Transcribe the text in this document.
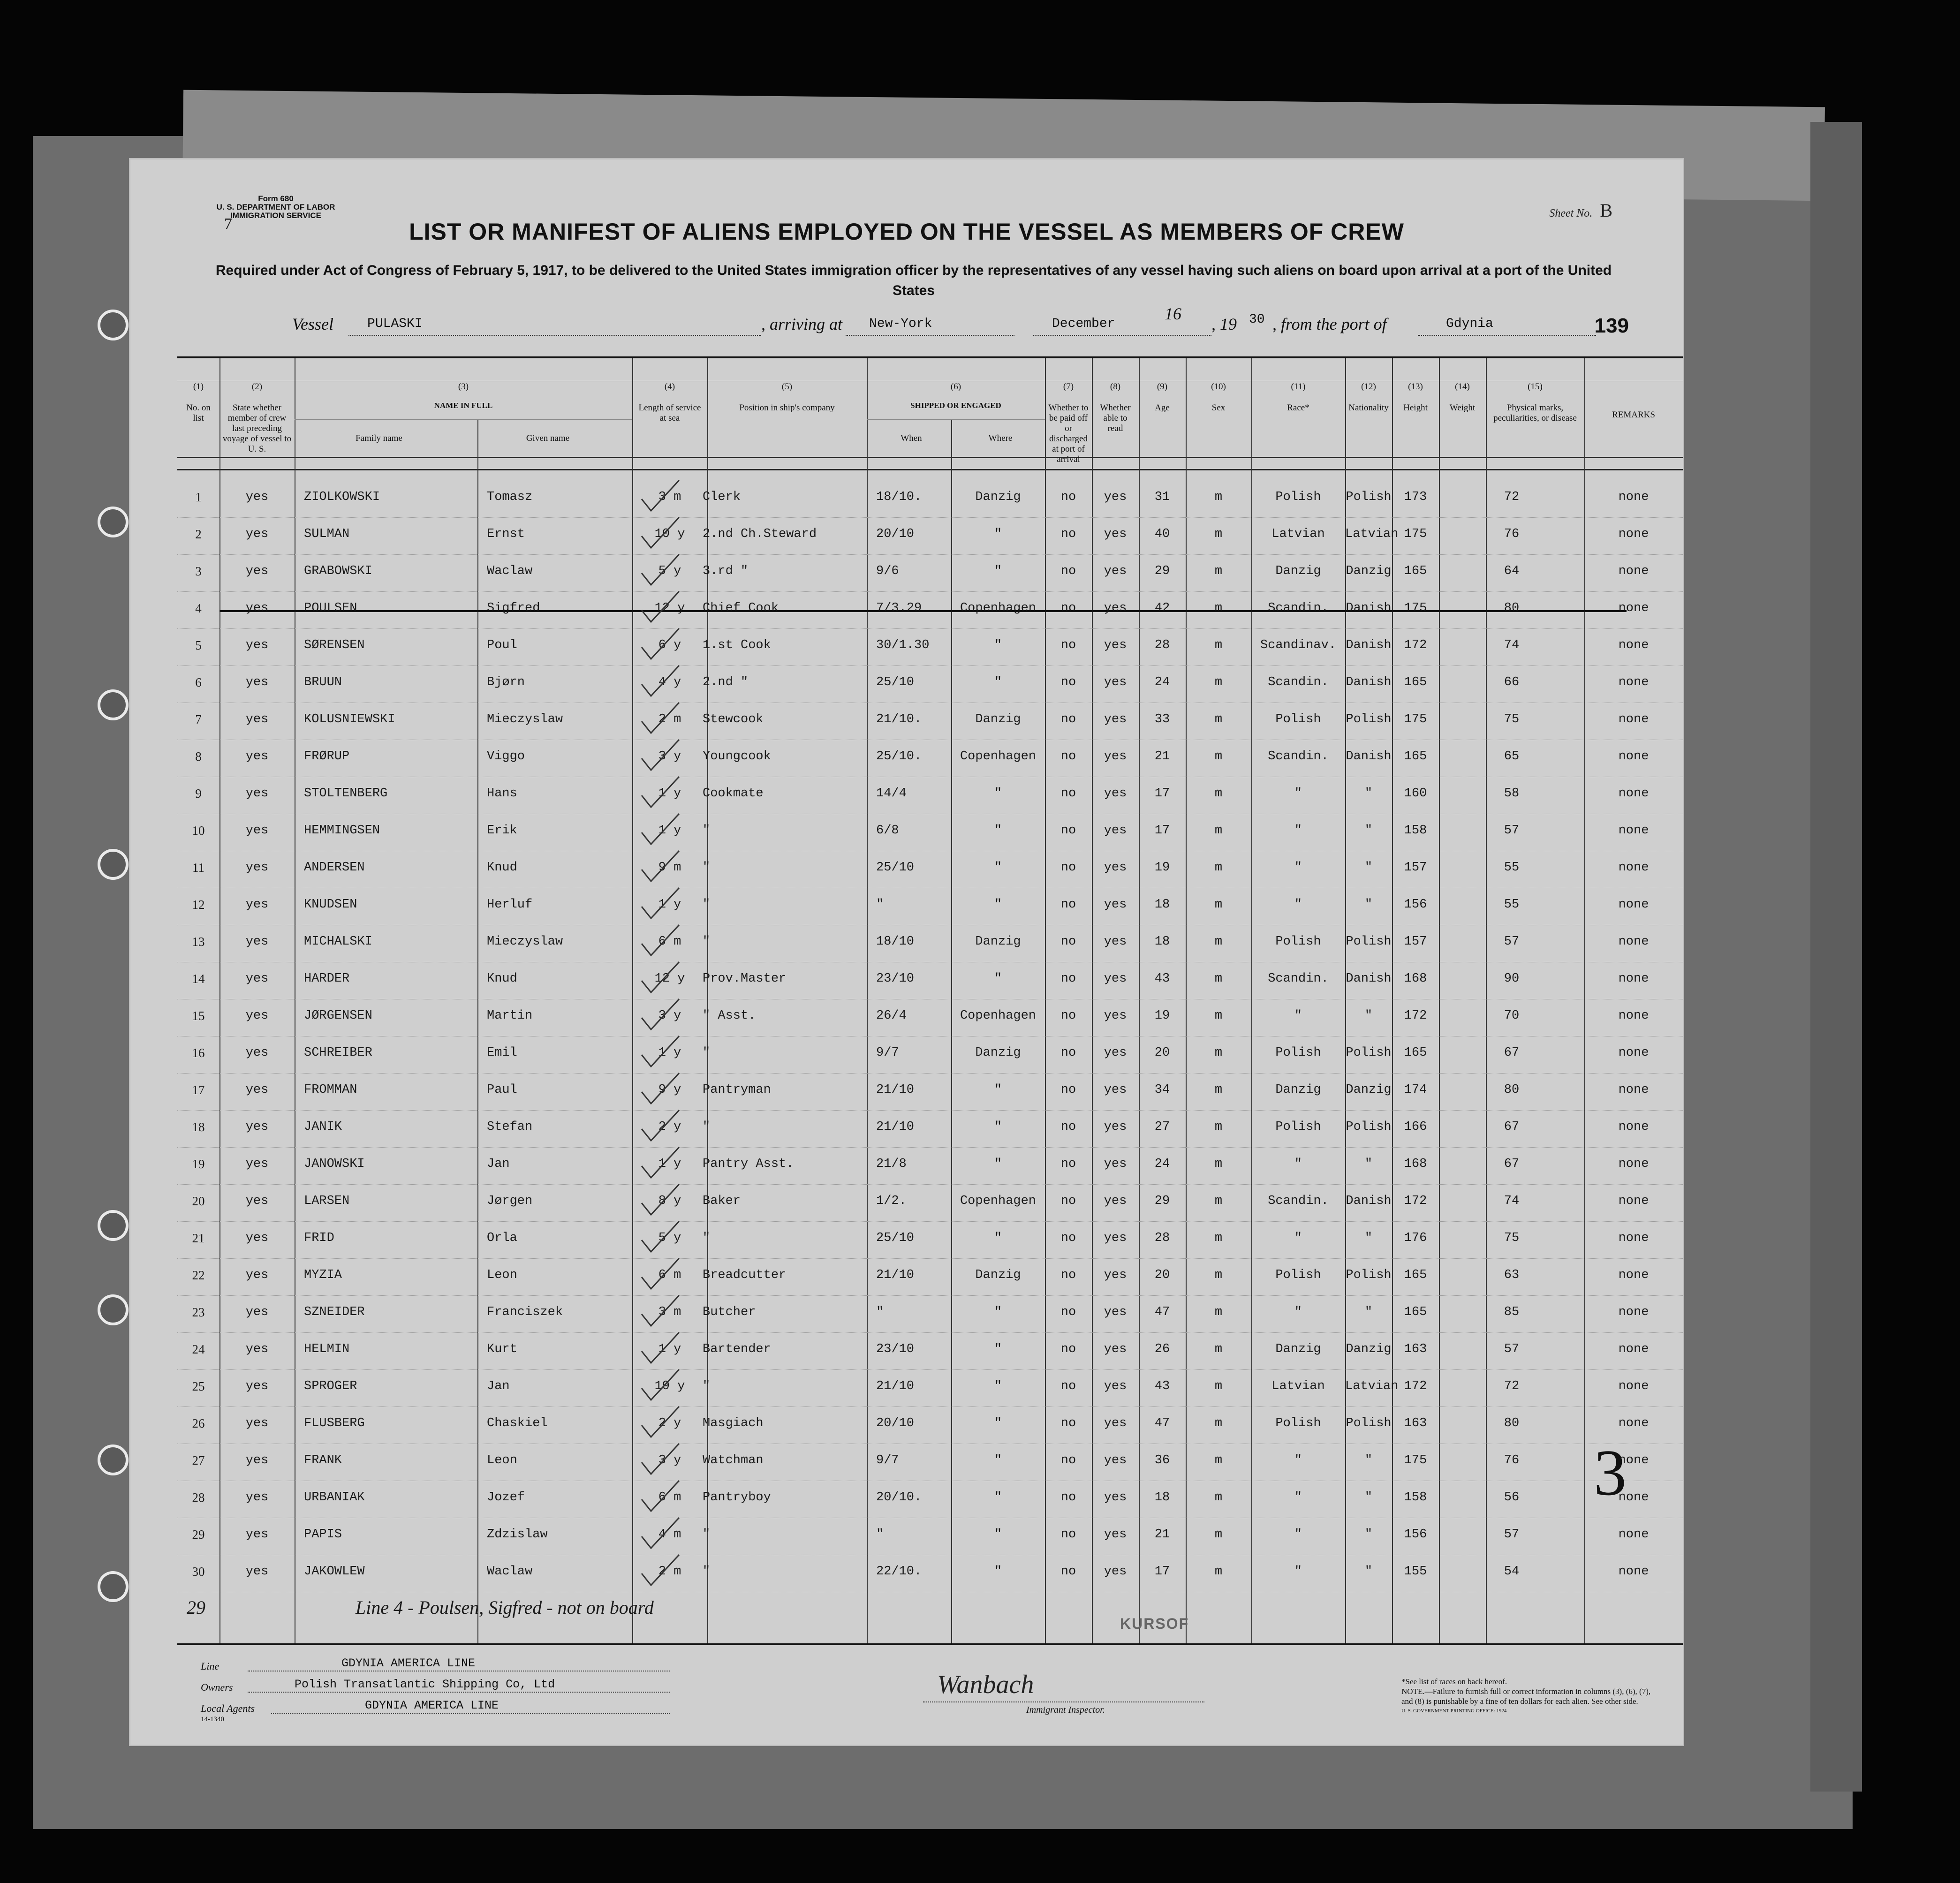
Form 680
U. S. DEPARTMENT OF LABOR
IMMIGRATION SERVICE
7
Sheet No. B
LIST OR MANIFEST OF ALIENS EMPLOYED ON THE VESSEL AS MEMBERS OF CREW
Required under Act of Congress of February 5, 1917, to be delivered to the United States immigration officer by the representatives of any vessel having such aliens on board upon arrival at a port of the United States
Vessel	PULASKI	, arriving at New-York	December
16
, 19 30 , from the port of	Gdynia	139
(1)
No. on list
(2)
State whether member of crew last preceding voyage of vessel to U. S.
(3)
NAME IN FULL
Family name	Given name
(4)
Length of service at sea
(5)
Position in ship's company
(6)
SHIPPED OR ENGAGED
When	Where
(7)
Whether to be paid off or discharged at port of arrival
(8)
Whether able to read
(9)
Age
(10)
Sex
(11)
Race*
(12)
Nationality
(13)
Height
(14)
Weight
(15)
Physical marks, peculiarities, or disease	REMARKS
1	yes	ZIOLKOWSKI	Tomasz	3 m	Clerk	18/10.	Danzig	no	yes	31	m	Polish	Polish	173	72	none
2	yes	SULMAN	Ernst	10 y	2.nd Ch.Steward	20/10	"	no	yes	40	m	Latvian	Latvian 175	76	none
3	yes	GRABOWSKI	Waclaw	5 y	3.rd "	9/6	"	no	yes	29	m	Danzig	Danzig	165	64	none
4	yes	POULSEN	Sigfred	12 y	Chief Cook	7/3.29	Copenhagen	no	yes	42	m	Scandin.	Danish	175	80	none
5	yes	SØRENSEN	Poul	6 y	1.st Cook	30/1.30	"	no	yes	28	m	Scandinav. Danish	172	74	none
6	yes	BRUUN	Bjørn	4 y	2.nd "	25/10	"	no	yes	24	m	Scandin.	Danish	165	66	none
7	yes	KOLUSNIEWSKI	Mieczyslaw	2 m	Stewcook	21/10.	Danzig	no	yes	33	m	Polish	Polish	175	75	none
8	yes	FRØRUP	Viggo	3 y	Youngcook	25/10.	Copenhagen	no	yes	21	m	Scandin.	Danish	165	65	none
9	yes	STOLTENBERG	Hans	1 y	Cookmate	14/4	"	no	yes	17	m	"	"	160	58	none
10	yes	HEMMINGSEN	Erik	1 y	"	6/8	"	no	yes	17	m	"	"	158	57	none
11	yes	ANDERSEN	Knud	9 m	"	25/10	"	no	yes	19	m	"	"	157	55	none
12	yes	KNUDSEN	Herluf	1 y	"	"	"	no	yes	18	m	"	"	156	55	none
13	yes	MICHALSKI	Mieczyslaw	6 m	"	18/10	Danzig	no	yes	18	m	Polish	Polish	157	57	none
14	yes	HARDER	Knud	12 y	Prov.Master	23/10	"	no	yes	43	m	Scandin.	Danish	168	90	none
15	yes	JØRGENSEN	Martin	3 y	" Asst.	26/4	Copenhagen	no	yes	19	m	"	"	172	70	none
16	yes	SCHREIBER	Emil	1 y	"	9/7	Danzig	no	yes	20	m	Polish	Polish	165	67	none
17	yes	FROMMAN	Paul	9 y	Pantryman	21/10	"	no	yes	34	m	Danzig	Danzig	174	80	none
18	yes	JANIK	Stefan	2 y	"	21/10	"	no	yes	27	m	Polish	Polish	166	67	none
19	yes	JANOWSKI	Jan	1 y	Pantry Asst.	21/8	"	no	yes	24	m	"	"	168	67	none
20	yes	LARSEN	Jørgen	8 y	Baker	1/2.	Copenhagen	no	yes	29	m	Scandin.	Danish	172	74	none
21	yes	FRID	Orla	5 y	"	25/10	"	no	yes	28	m	"	"	176	75	none
22	yes	MYZIA	Leon	6 m	Breadcutter	21/10	Danzig	no	yes	20	m	Polish	Polish	165	63	none
23	yes	SZNEIDER	Franciszek	3 m	Butcher	"	"	no	yes	47	m	"	"	165	85	none
24	yes	HELMIN	Kurt	1 y	Bartender	23/10	"	no	yes	26	m	Danzig	Danzig	163	57	none
25	yes	SPROGER	Jan	19 y	"	21/10	"	no	yes	43	m	Latvian	Latvian 172	72	none
26	yes	FLUSBERG	Chaskiel	2 y	Masgiach	20/10	"	no	yes	47	m	Polish	Polish	163	80	none
27	yes	FRANK	Leon	3 y	Watchman	9/7	"	no	yes	36	m	"	"	175	76	none
28	yes	URBANIAK	Jozef	6 m	Pantryboy	20/10.	"	no	yes	18	m	"	"	158	56	none
29	yes	PAPIS	Zdzislaw	4 m	"	"	"	no	yes	21	m	"	"	156	57	none
30	yes	JAKOWLEW	Waclaw	2 m	"	22/10.	"	no	yes	17	m	"	"	155	54	none
29	Line 4 - Poulsen, Sigfred - not on board
KURSOF
3
Line	GDYNIA AMERICA LINE
Owners	Polish Transatlantic Shipping Co, Ltd
Local Agents	GDYNIA AMERICA LINE
14-1340
Wanbach
Immigrant Inspector.
*See list of races on back hereof.
NOTE.—Failure to furnish full or correct information in columns (3), (6), (7), and (8) is punishable by a fine of ten dollars for each alien. See other side.
U. S. GOVERNMENT PRINTING OFFICE: 1924
